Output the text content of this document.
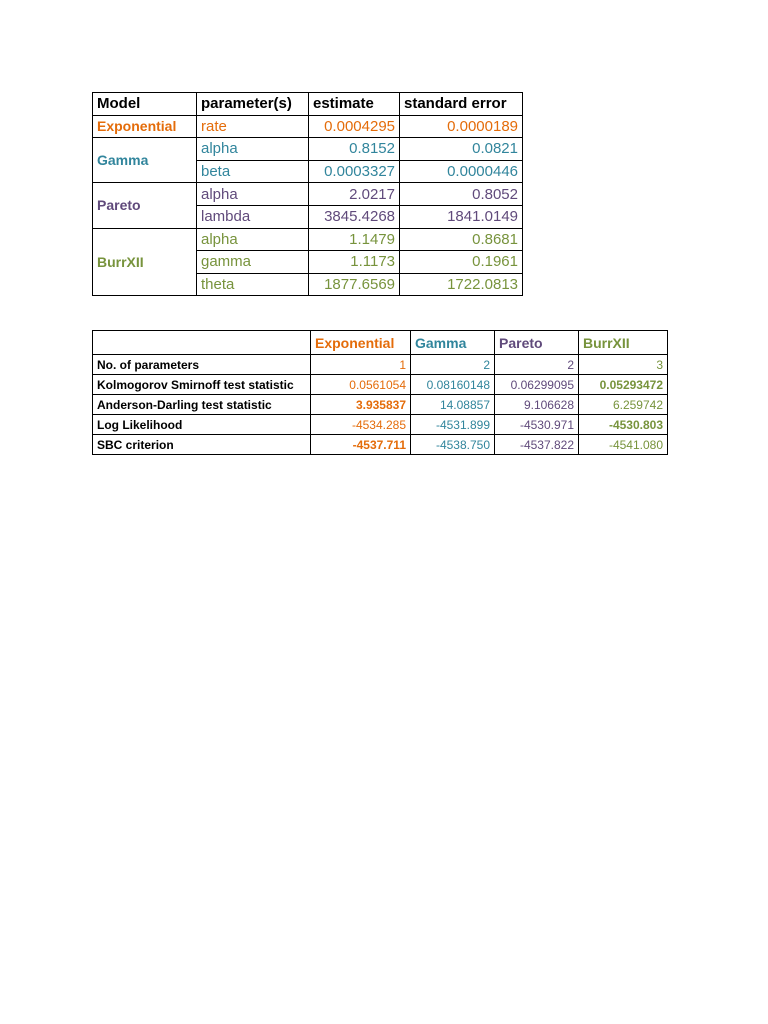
Model	parameter(s)	estimate	standard error
Exponential	rate	0.0004295	0.0000189
Gamma	alpha	0.8152	0.0821
	beta	0.0003327	0.0000446
Pareto	alpha	2.0217	0.8052
	lambda	3845.4268	1841.0149
BurrXII	alpha	1.1479	0.8681
	gamma	1.1173	0.1961
	theta	1877.6569	1722.0813
	Exponential	Gamma	Pareto	BurrXII
No. of parameters	1	2	2	3
Kolmogorov Smirnoff test statistic	0.0561054	0.08160148	0.06299095	0.05293472
Anderson-Darling test statistic	3.935837	14.08857	9.106628	6.259742
Log Likelihood	-4534.285	-4531.899	-4530.971	-4530.803
SBC criterion	-4537.711	-4538.750	-4537.822	-4541.080
